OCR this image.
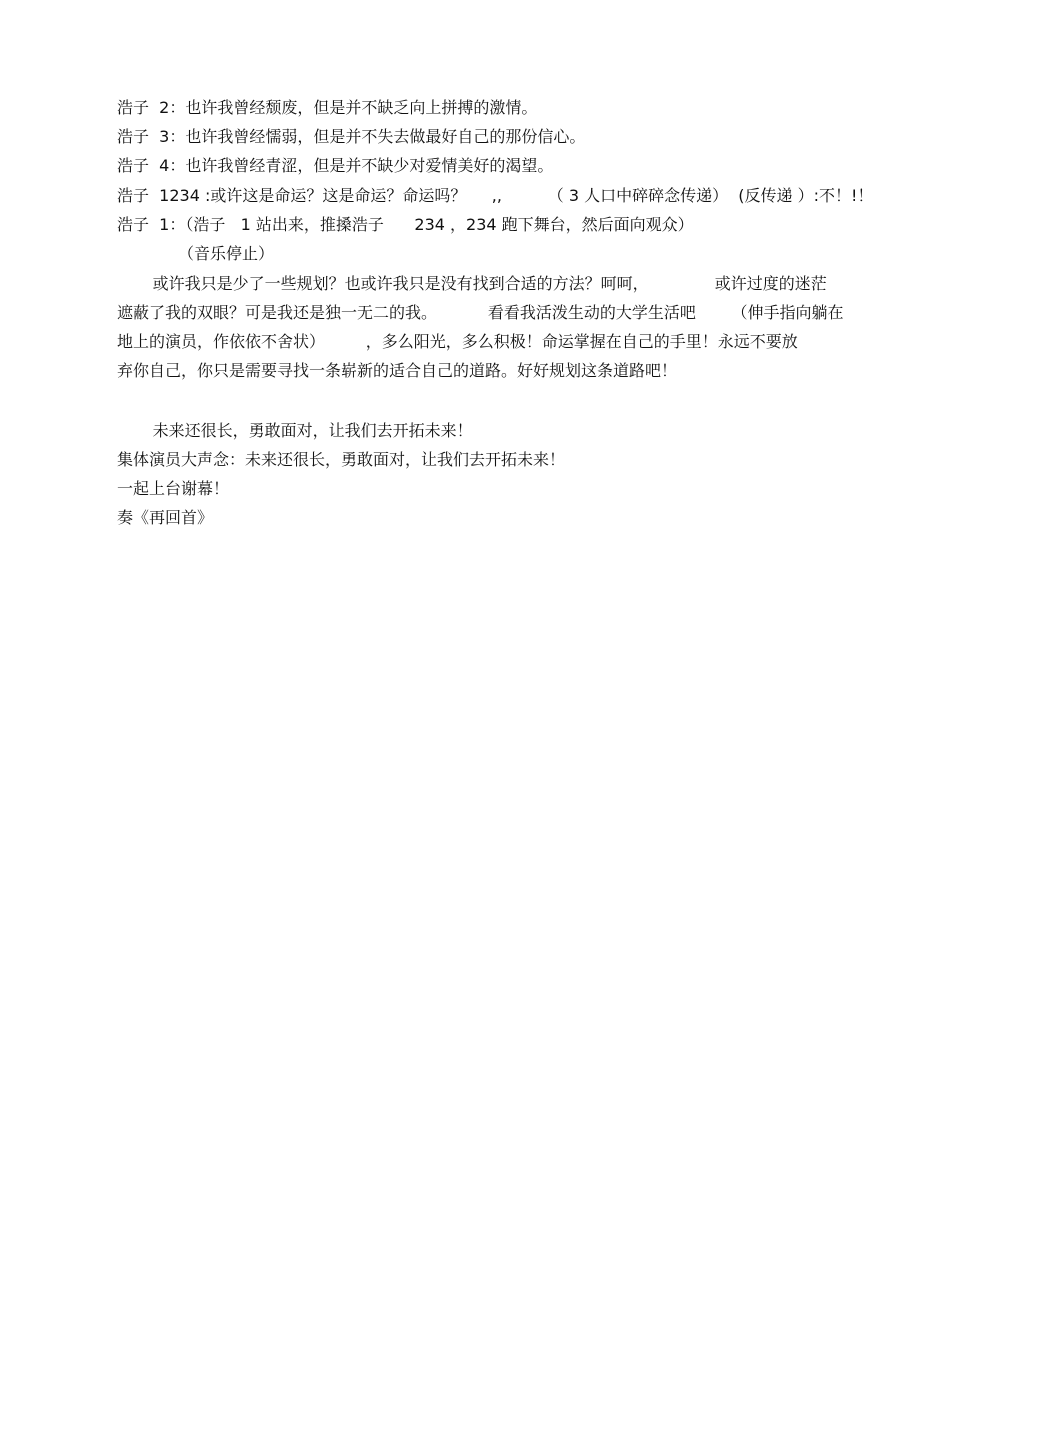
浩子  2：也许我曾经颓废，但是并不缺乏向上拼搏的激情。

浩子  3：也许我曾经懦弱，但是并不失去做最好自己的那份信心。

浩子  4：也许我曾经青涩，但是并不缺少对爱情美好的渴望。

浩子  1234 :或许这是命运？这是命运？命运吗？     ,,         （ 3 人口中碎碎念传递）  (反传递 ）:不！!！

浩子  1：（浩子   1 站出来，推搡浩子      234 ，234 跑下舞台，然后面向观众）

（音乐停止）

或许我只是少了一些规划？也或许我只是没有找到合适的方法？呵呵，             或许过度的迷茫

遮蔽了我的双眼？可是我还是独一无二的我。          看看我活泼生动的大学生活吧       （伸手指向躺在

地上的演员，作依依不舍状）        ，多么阳光，多么积极！命运掌握在自己的手里！永远不要放

弃你自己，你只是需要寻找一条崭新的适合自己的道路。好好规划这条道路吧！

未来还很长，勇敢面对，让我们去开拓未来！

集体演员大声念：未来还很长，勇敢面对，让我们去开拓未来！

一起上台谢幕！

奏《再回首》
